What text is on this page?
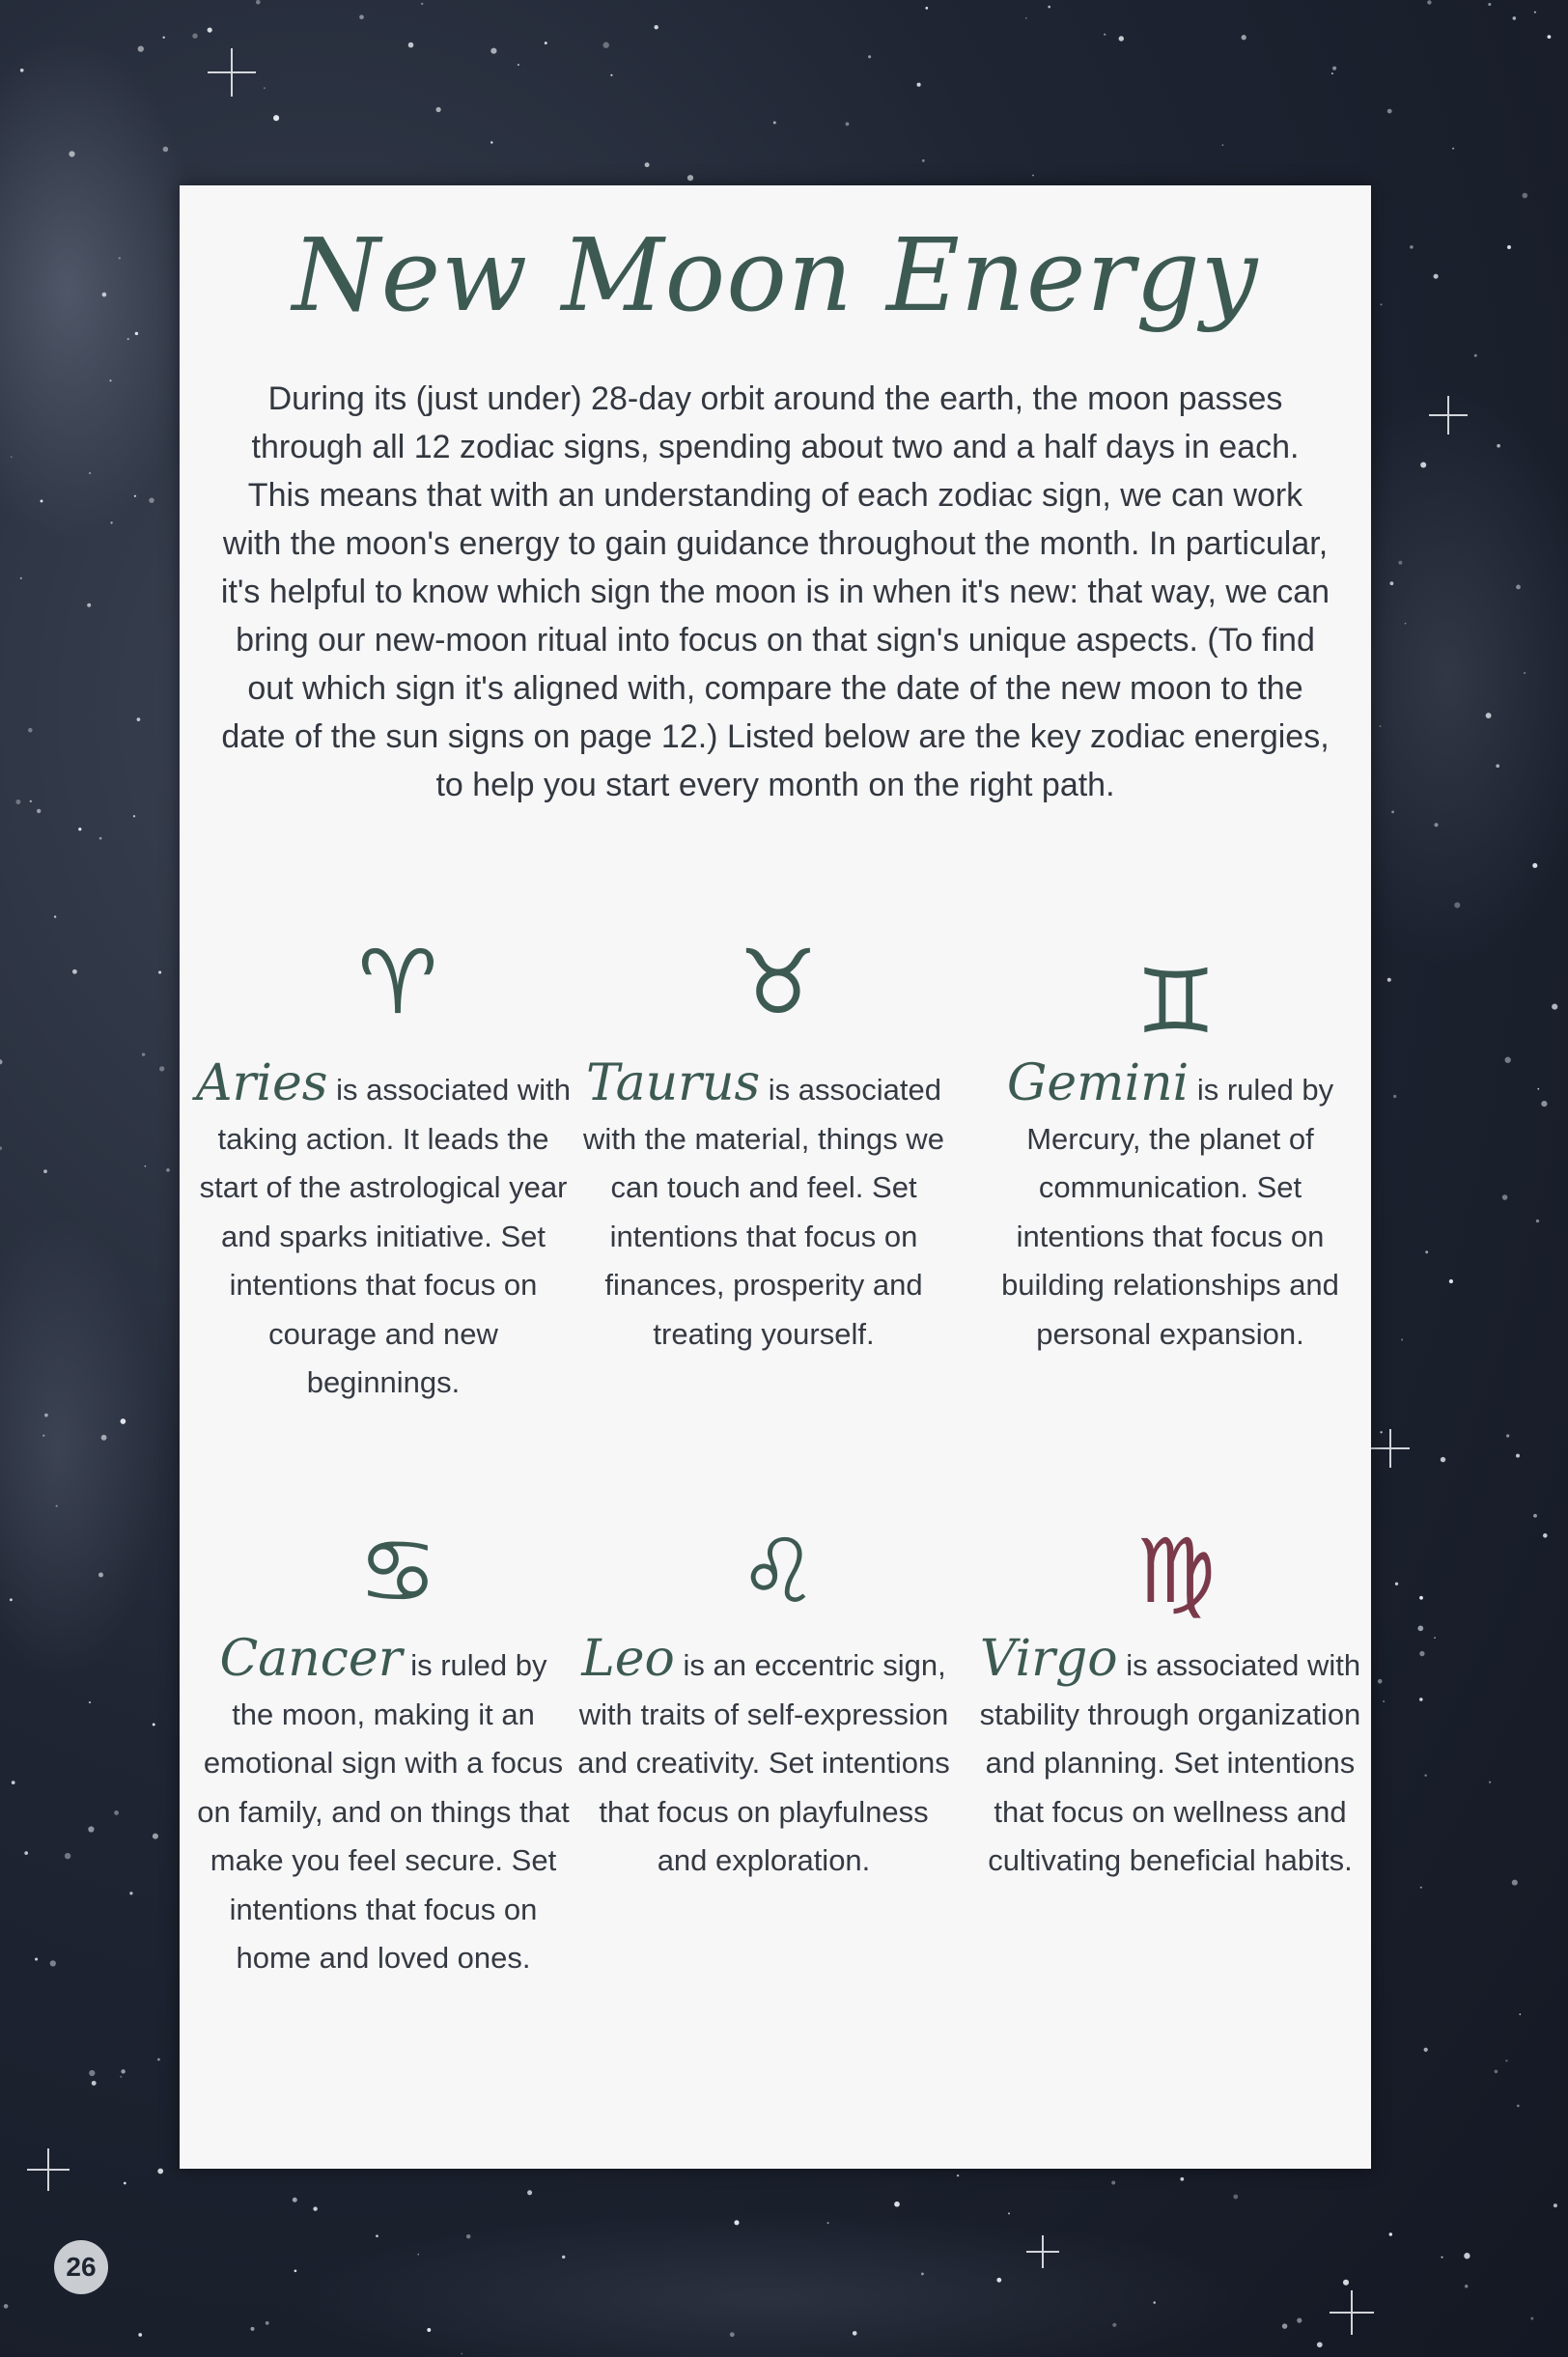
New Moon Energy

During its (just under) 28-day orbit around the earth, the moon passes through all 12 zodiac signs, spending about two and a half days in each. This means that with an understanding of each zodiac sign, we can work with the moon's energy to gain guidance throughout the month. In particular, it's helpful to know which sign the moon is in when it's new: that way, we can bring our new-moon ritual into focus on that sign's unique aspects. (To find out which sign it's aligned with, compare the date of the new moon to the date of the sun signs on page 12.) Listed below are the key zodiac energies, to help you start every month on the right path.

♈
Aries is associated with taking action. It leads the start of the astrological year and sparks initiative. Set intentions that focus on courage and new beginnings.
♉
Taurus is associated with the material, things we can touch and feel. Set intentions that focus on finances, prosperity and treating yourself.
♊
Gemini is ruled by Mercury, the planet of communication. Set intentions that focus on building relationships and personal expansion.
♋
Cancer is ruled by the moon, making it an emotional sign with a focus on family, and on things that make you feel secure. Set intentions that focus on home and loved ones.
♌
Leo is an eccentric sign, with traits of self-expression and creativity. Set intentions that focus on playfulness and exploration.
♍
Virgo is associated with stability through organization and planning. Set intentions that focus on wellness and cultivating beneficial habits.
26
